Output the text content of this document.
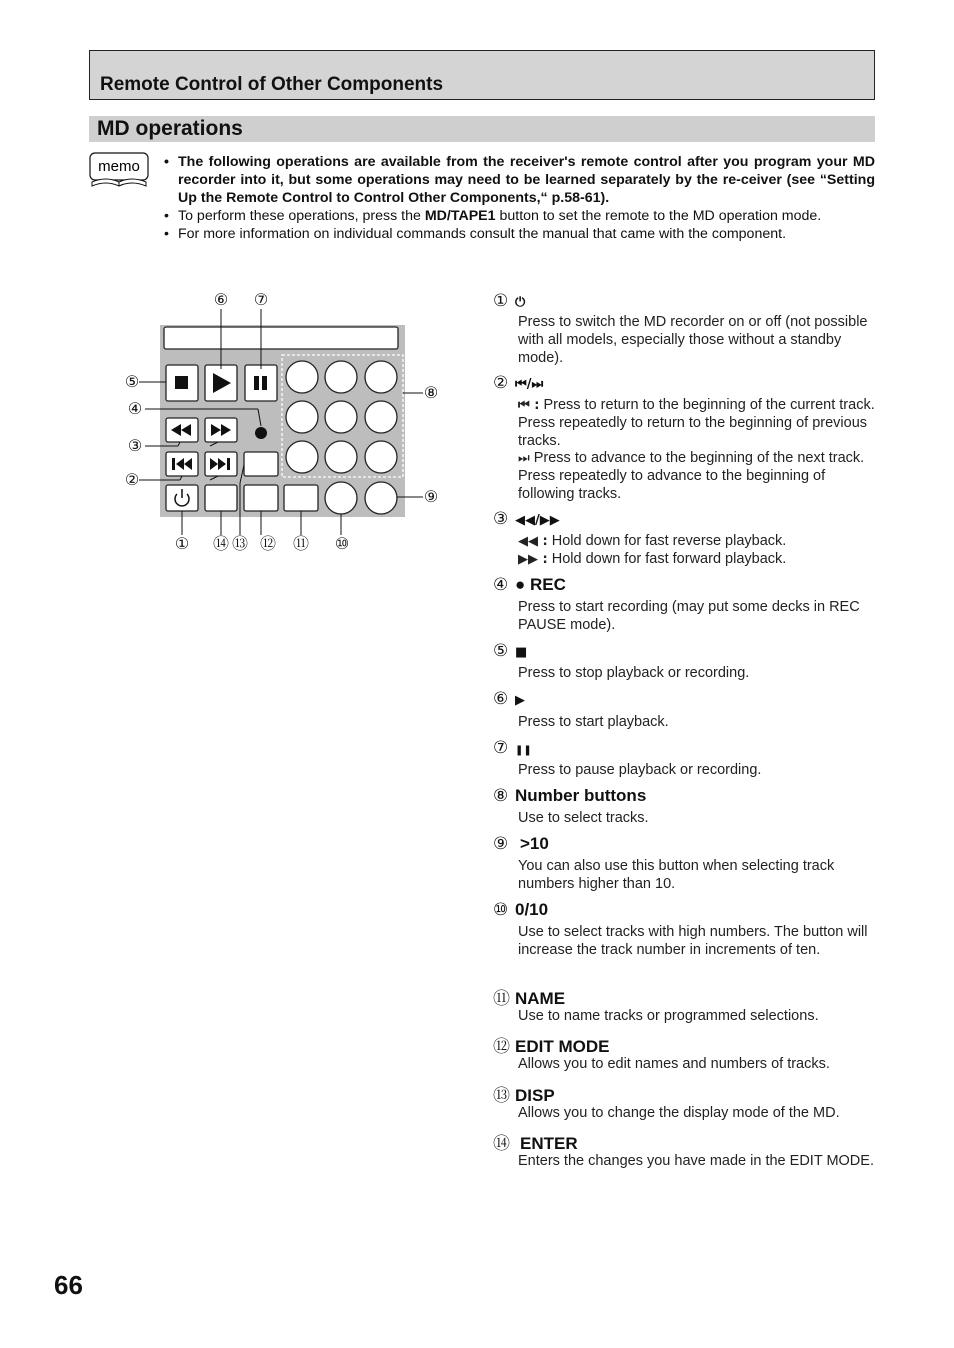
Remote Control of Other Components
MD operations
memo
•	The following operations are available from the receiver's remote control after you program your MD recorder into it, but some operations may need to be learned separately by the re-ceiver (see “Setting Up the Remote Control to Control Other Components,“ p.58-61).
• To perform these operations, press the MD/TAPE1 button to set the remote to the MD operation mode.
• For more information on individual commands consult the manual that came with the component.
⑥ ⑦
⑤
④
③
②
⑧
⑨
① ⑭ ⑬ ⑫ ⑪ ⑩
① ⏻
Press to switch the MD recorder on or off (not possible with all models, especially those without a standby mode).
② ⏮/⏭
⏮ : Press to return to the beginning of the current track. Press repeatedly to return to the beginning of previous tracks.
⏭ Press to advance to the beginning of the next track. Press repeatedly to advance to the beginning of following tracks.
③ ◀◀/▶▶
◀◀ : Hold down for fast reverse playback.
▶▶ : Hold down for fast forward playback.
④ ● REC
Press to start recording (may put some decks in REC PAUSE mode).
⑤ ■
Press to stop playback or recording.
⑥ ▶
Press to start playback.
⑦ ❚❚
Press to pause playback or recording.
⑧ Number buttons
Use to select tracks.
⑨ >10
You can also use this button when selecting track numbers higher than 10.
⑩ 0/10
Use to select tracks with high numbers. The button will increase the track number in increments of ten.
⑪ NAME
Use to name tracks or programmed selections.
⑫ EDIT MODE
Allows you to edit names and numbers of tracks.
⑬ DISP
Allows you to change the display mode of the MD.
⑭ ENTER
Enters the changes you have made in the EDIT MODE.
66
